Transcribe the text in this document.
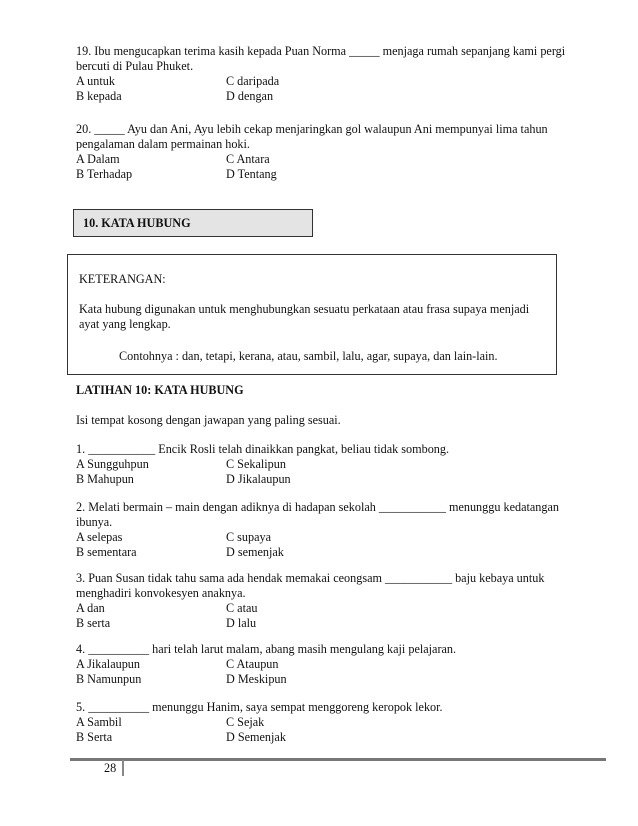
19. Ibu mengucapkan terima kasih kepada Puan Norma _____ menjaga rumah sepanjang kami pergi bercuti di Pulau Phuket.
A untuk	C daripada
B kepada	D dengan
20. _____ Ayu dan Ani, Ayu lebih cekap menjaringkan gol walaupun Ani mempunyai lima tahun pengalaman dalam permainan hoki.
A Dalam	C Antara
B Terhadap	D Tentang
10. KATA HUBUNG
KETERANGAN:
Kata hubung digunakan untuk menghubungkan sesuatu perkataan atau frasa supaya menjadi ayat yang lengkap.
Contohnya : dan, tetapi, kerana, atau, sambil, lalu, agar, supaya, dan lain-lain.
LATIHAN 10: KATA HUBUNG
Isi tempat kosong dengan jawapan yang paling sesuai.
1. ___________ Encik Rosli telah dinaikkan pangkat, beliau tidak sombong.
A Sungguhpun	C Sekalipun
B Mahupun	D Jikalaupun
2. Melati bermain – main dengan adiknya di hadapan sekolah ___________ menunggu kedatangan ibunya.
A selepas	C supaya
B sementara	D semenjak
3. Puan Susan tidak tahu sama ada hendak memakai ceongsam ___________ baju kebaya untuk menghadiri konvokesyen anaknya.
A dan	C atau
B serta	D lalu
4. __________ hari telah larut malam, abang masih mengulang kaji pelajaran.
A Jikalaupun	C Ataupun
B Namunpun	D Meskipun
5. __________ menunggu Hanim, saya sempat menggoreng keropok lekor.
A Sambil	C Sejak
B Serta	D Semenjak
28
